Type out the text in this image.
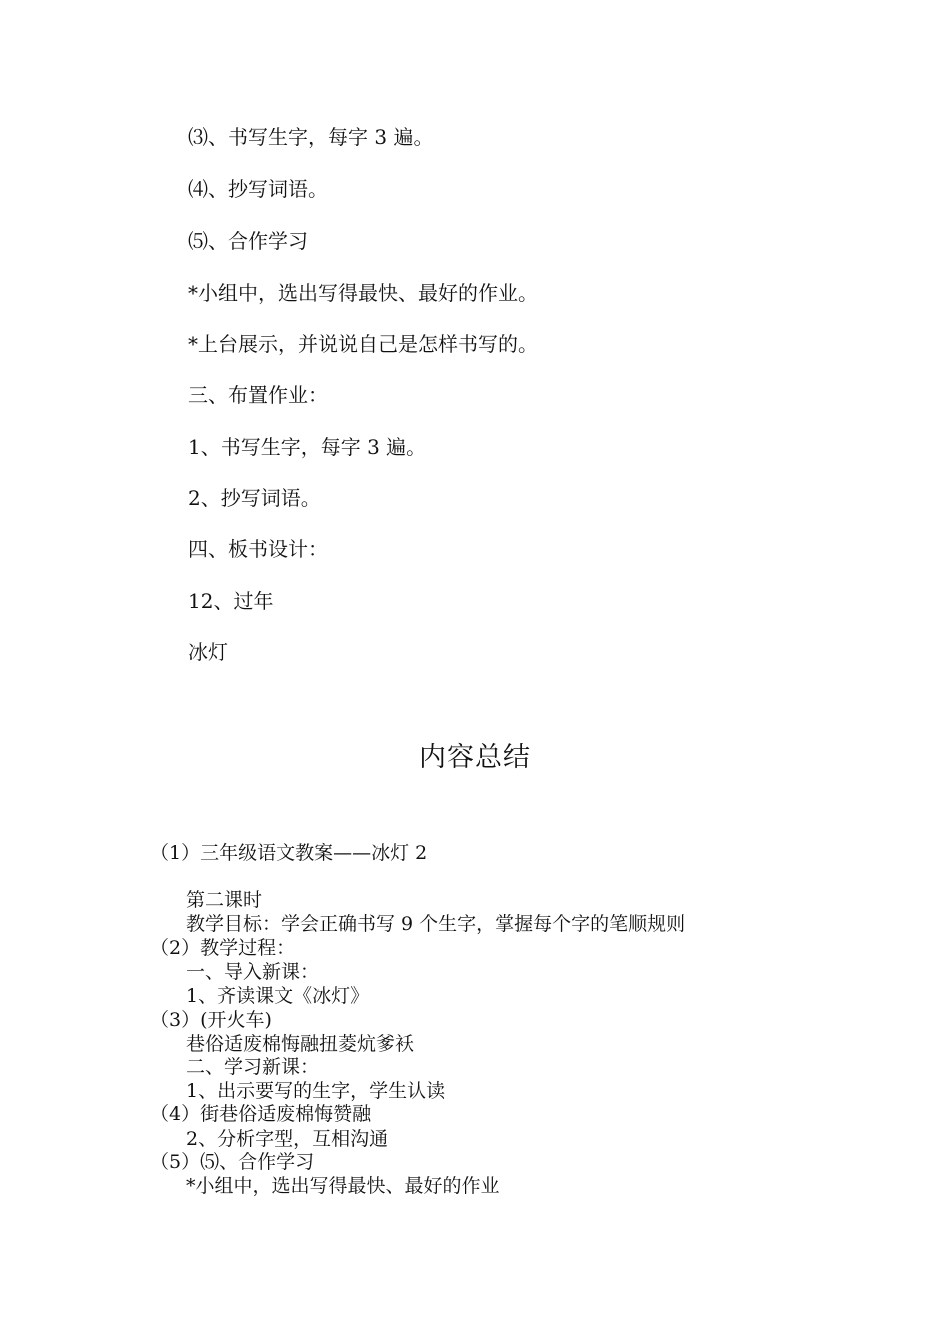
⑶、书写生字，每字 3 遍。
⑷、抄写词语。
⑸、合作学习
*小组中，选出写得最快、最好的作业。
*上台展示，并说说自己是怎样书写的。
三、布置作业：
1、书写生字，每字 3 遍。
2、抄写词语。
四、板书设计：
12、过年
冰灯
内容总结
（1）三年级语文教案——冰灯 2
第二课时
教学目标：学会正确书写 9 个生字，掌握每个字的笔顺规则
（2）教学过程：
一、导入新课：
1、齐读课文《冰灯》
（3）(开火车)
巷俗适废棉悔融扭菱炕爹袄
二、学习新课：
1、出示要写的生字，学生认读
（4）街巷俗适废棉悔赞融
2、分析字型，互相沟通
（5）⑸、合作学习
*小组中，选出写得最快、最好的作业
